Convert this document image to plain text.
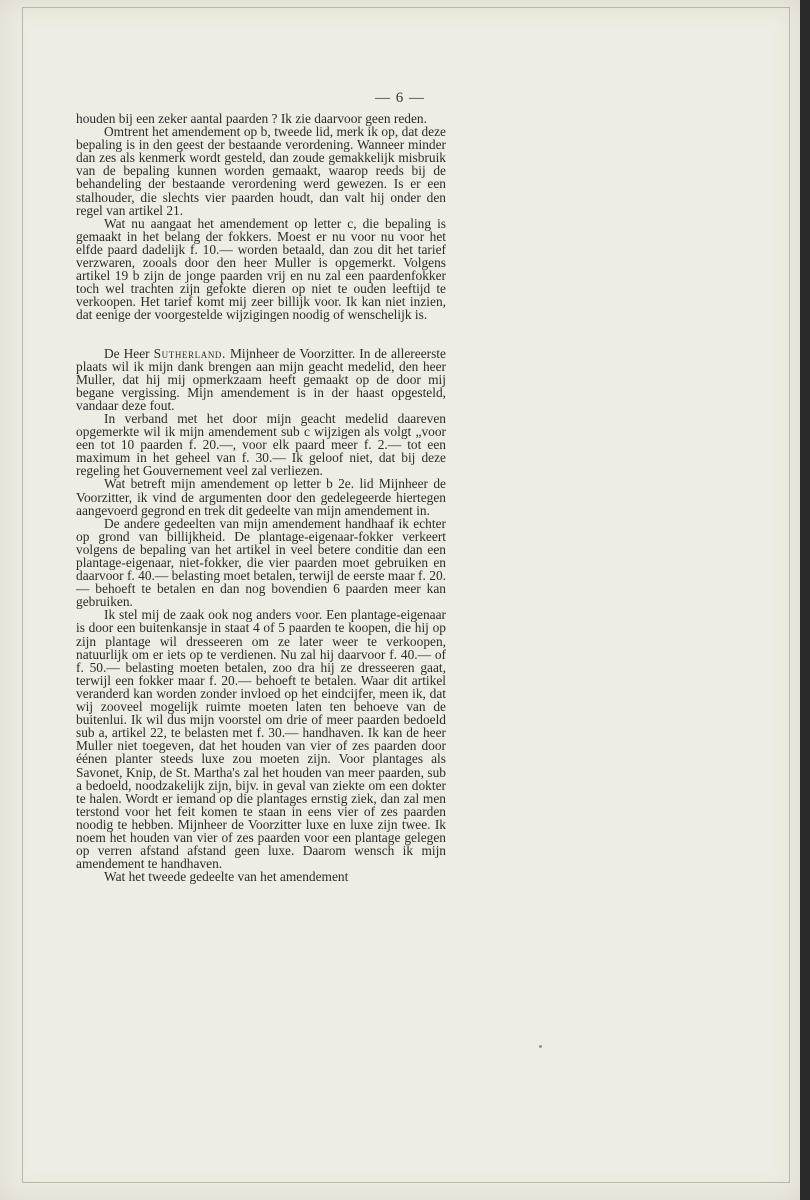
— 6 —

houden bij een zeker aantal paarden ? Ik zie daarvoor geen reden.

Omtrent het amendement op b, tweede lid, merk ik op, dat deze bepaling is in den geest der bestaande verordening. Wanneer minder dan zes als kenmerk wordt gesteld, dan zoude gemakkelijk misbruik van de bepaling kunnen worden gemaakt, waarop reeds bij de behandeling der bestaande verordening werd gewezen. Is er een stalhouder, die slechts vier paarden houdt, dan valt hij onder den regel van artikel 21.

Wat nu aangaat het amendement op letter c, die bepaling is gemaakt in het belang der fokkers. Moest er nu voor nu voor het elfde paard dadelijk f. 10.— worden betaald, dan zou dit het tarief verzwaren, zooals door den heer Muller is opgemerkt. Volgens artikel 19 b zijn de jonge paarden vrij en nu zal een paardenfokker toch wel trachten zijn gefokte dieren op niet te ouden leeftijd te verkoopen. Het tarief komt mij zeer billijk voor. Ik kan niet inzien, dat eenige der voorgestelde wijzigingen noodig of wenschelijk is.

De Heer Sutherland. Mijnheer de Voorzitter. In de allereerste plaats wil ik mijn dank brengen aan mijn geacht medelid, den heer Muller, dat hij mij opmerkzaam heeft gemaakt op de door mij begane vergissing. Mijn amendement is in der haast opgesteld, vandaar deze fout.

In verband met het door mijn geacht medelid daareven opgemerkte wil ik mijn amendement sub c wijzigen als volgt „voor een tot 10 paarden f. 20.—, voor elk paard meer f. 2.— tot een maximum in het geheel van f. 30.— Ik geloof niet, dat bij deze regeling het Gouvernement veel zal verliezen.

Wat betreft mijn amendement op letter b 2e. lid Mijnheer de Voorzitter, ik vind de argumenten door den gedelegeerde hiertegen aangevoerd gegrond en trek dit gedeelte van mijn amendement in.

De andere gedeelten van mijn amendement handhaaf ik echter op grond van billijkheid. De plantage-eigenaar-fokker verkeert volgens de bepaling van het artikel in veel betere conditie dan een plantage-eigenaar, niet-fokker, die vier paarden moet gebruiken en daarvoor f. 40.— belasting moet betalen, terwijl de eerste maar f. 20.— behoeft te betalen en dan nog bovendien 6 paarden meer kan gebruiken.

Ik stel mij de zaak ook nog anders voor. Een plantage-eigenaar is door een buitenkansje in staat 4 of 5 paarden te koopen, die hij op zijn plantage wil dresseeren om ze later weer te verkoopen, natuurlijk om er iets op te verdienen. Nu zal hij daarvoor f. 40.— of f. 50.— belasting moeten betalen, zoo dra hij ze dresseeren gaat, terwijl een fokker maar f. 20.— behoeft te betalen. Waar dit artikel veranderd kan worden zonder invloed op het eindcijfer, meen ik, dat wij zooveel mogelijk ruimte moeten laten ten behoeve van de buitenlui. Ik wil dus mijn voorstel om drie of meer paarden bedoeld sub a, artikel 22, te belasten met f. 30.— handhaven. Ik kan de heer Muller niet toegeven, dat het houden van vier of zes paarden door éénen planter steeds luxe zou moeten zijn. Voor plantages als Savonet, Knip, de St. Martha's zal het houden van meer paarden, sub a bedoeld, noodzakelijk zijn, bijv. in geval van ziekte om een dokter te halen. Wordt er iemand op die plantages ernstig ziek, dan zal men terstond voor het feit komen te staan in eens vier of zes paarden noodig te hebben. Mijnheer de Voorzitter luxe en luxe zijn twee. Ik noem het houden van vier of zes paarden voor een plantage gelegen op verren afstand afstand geen luxe. Daarom wensch ik mijn amendement te handhaven.

Wat het tweede gedeelte van het amendement
